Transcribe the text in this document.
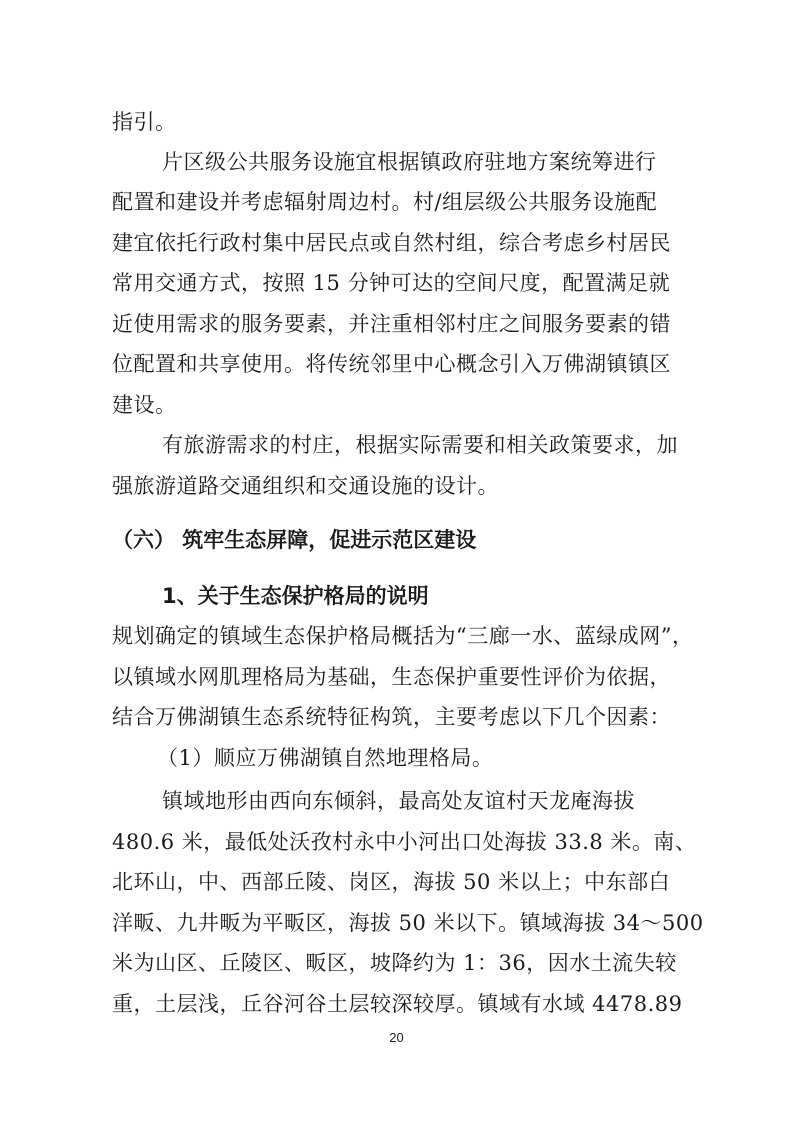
指引。
片区级公共服务设施宜根据镇政府驻地方案统筹进行
配置和建设并考虑辐射周边村。村/组层级公共服务设施配
建宜依托行政村集中居民点或自然村组，综合考虑乡村居民
常用交通方式，按照 15 分钟可达的空间尺度，配置满足就
近使用需求的服务要素，并注重相邻村庄之间服务要素的错
位配置和共享使用。将传统邻里中心概念引入万佛湖镇镇区
建设。
有旅游需求的村庄，根据实际需要和相关政策要求，加
强旅游道路交通组织和交通设施的设计。
（六） 筑牢生态屏障，促进示范区建设
1、关于生态保护格局的说明
规划确定的镇域生态保护格局概括为“三廊一水、蓝绿成网”，
以镇域水网肌理格局为基础，生态保护重要性评价为依据，
结合万佛湖镇生态系统特征构筑，主要考虑以下几个因素：
（1）顺应万佛湖镇自然地理格局。
镇域地形由西向东倾斜，最高处友谊村天龙庵海拔
480.6 米，最低处沃孜村永中小河出口处海拔 33.8 米。南、
北环山，中、西部丘陵、岗区，海拔 50 米以上；中东部白
洋畈、九井畈为平畈区，海拔 50 米以下。镇域海拔 34～500
米为山区、丘陵区、畈区，坡降约为 1：36，因水土流失较
重，土层浅，丘谷河谷土层较深较厚。镇域有水域 4478.89
20
